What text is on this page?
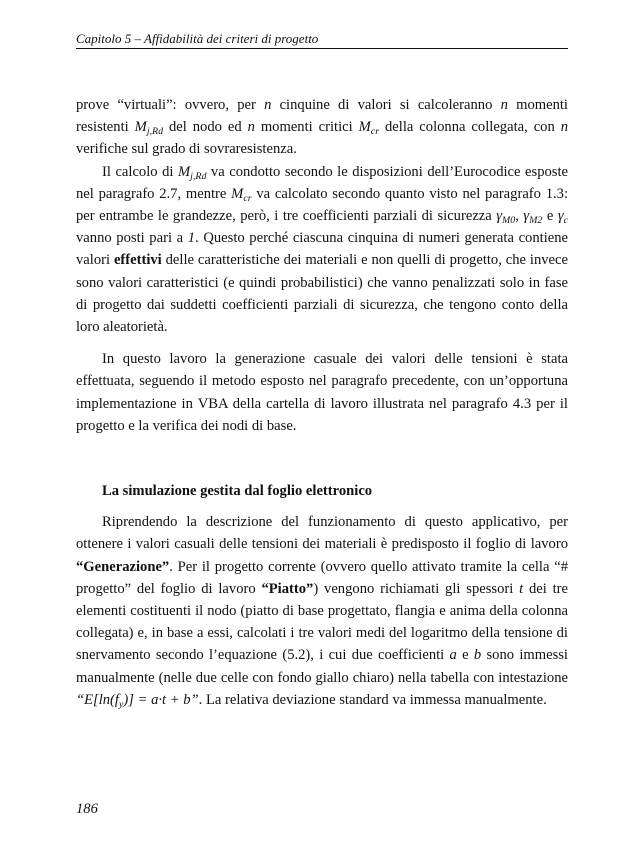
Capitolo 5 – Affidabilità dei criteri di progetto

prove “virtuali”: ovvero, per n cinquine di valori si calcoleranno n momenti resistenti $M_{j,Rd}$ del nodo ed n momenti critici $M_{cr}$ della colonna collegata, con n verifiche sul grado di sovraresistenza.

Il calcolo di $M_{j,Rd}$ va condotto secondo le disposizioni dell’Eurocodice esposte nel paragrafo 2.7, mentre $M_{cr}$ va calcolato secondo quanto visto nel paragrafo 1.3: per entrambe le grandezze, però, i tre coefficienti parziali di sicurezza $\gamma_{M0}$, $\gamma_{M2}$ e $\gamma_c$ vanno posti pari a 1. Questo perché ciascuna cinquina di numeri generata contiene valori effettivi delle caratteristiche dei materiali e non quelli di progetto, che invece sono valori caratteristici (e quindi probabilistici) che vanno penalizzati solo in fase di progetto dai suddetti coefficienti parziali di sicurezza, che tengono conto della loro aleatorietà.

In questo lavoro la generazione casuale dei valori delle tensioni è stata effettuata, seguendo il metodo esposto nel paragrafo precedente, con un’opportuna implementazione in VBA della cartella di lavoro illustrata nel paragrafo 4.3 per il progetto e la verifica dei nodi di base.

La simulazione gestita dal foglio elettronico

Riprendendo la descrizione del funzionamento di questo applicativo, per ottenere i valori casuali delle tensioni dei materiali è predisposto il foglio di lavoro “Generazione”. Per il progetto corrente (ovvero quello attivato tramite la cella “# progetto” del foglio di lavoro “Piatto”) vengono richiamati gli spessori t dei tre elementi costituenti il nodo (piatto di base progettato, flangia e anima della colonna collegata) e, in base a essi, calcolati i tre valori medi del logaritmo della tensione di snervamento secondo l’equazione (5.2), i cui due coefficienti a e b sono immessi manualmente (nelle due celle con fondo giallo chiaro) nella tabella con intestazione “$E[\ln(f_y)] = a\cdot t + b$”. La relativa deviazione standard va immessa manualmente.

186
